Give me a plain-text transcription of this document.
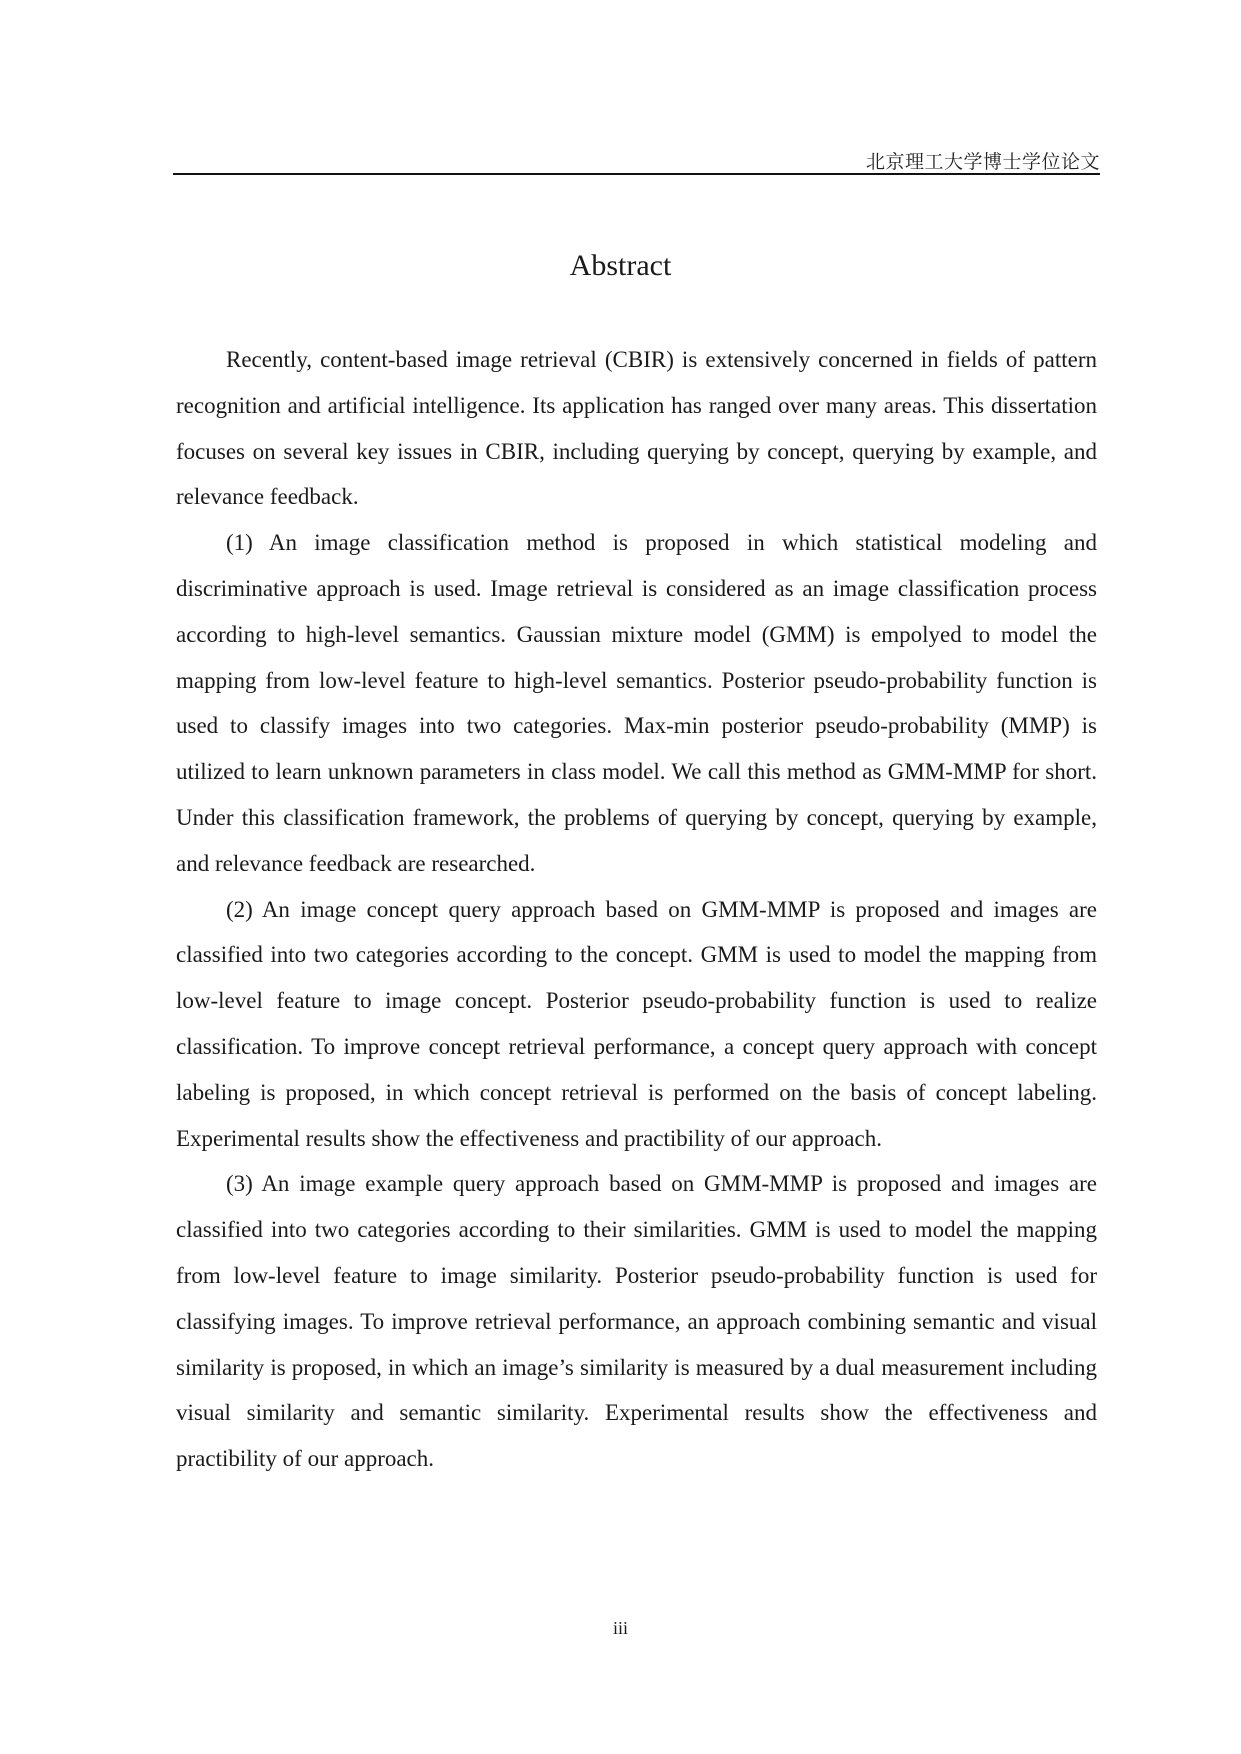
北京理工大学博士学位论文
Abstract

Recently, content-based image retrieval (CBIR) is extensively concerned in fields of pattern recognition and artificial intelligence. Its application has ranged over many areas. This dissertation focuses on several key issues in CBIR, including querying by concept, querying by example, and relevance feedback.

(1) An image classification method is proposed in which statistical modeling and discriminative approach is used. Image retrieval is considered as an image classification process according to high-level semantics. Gaussian mixture model (GMM) is empolyed to model the mapping from low-level feature to high-level semantics. Posterior pseudo-probability function is used to classify images into two categories. Max-min posterior pseudo-probability (MMP) is utilized to learn unknown parameters in class model. We call this method as GMM-MMP for short. Under this classification framework, the problems of querying by concept, querying by example, and relevance feedback are researched.

(2) An image concept query approach based on GMM-MMP is proposed and images are classified into two categories according to the concept. GMM is used to model the mapping from low-level feature to image concept. Posterior pseudo-probability function is used to realize classification. To improve concept retrieval performance, a concept query approach with concept labeling is proposed, in which concept retrieval is performed on the basis of concept labeling. Experimental results show the effectiveness and practibility of our approach.

(3) An image example query approach based on GMM-MMP is proposed and images are classified into two categories according to their similarities. GMM is used to model the mapping from low-level feature to image similarity. Posterior pseudo-probability function is used for classifying images. To improve retrieval performance, an approach combining semantic and visual similarity is proposed, in which an image’s similarity is measured by a dual measurement including visual similarity and semantic similarity. Experimental results show the effectiveness and practibility of our approach.

iii
